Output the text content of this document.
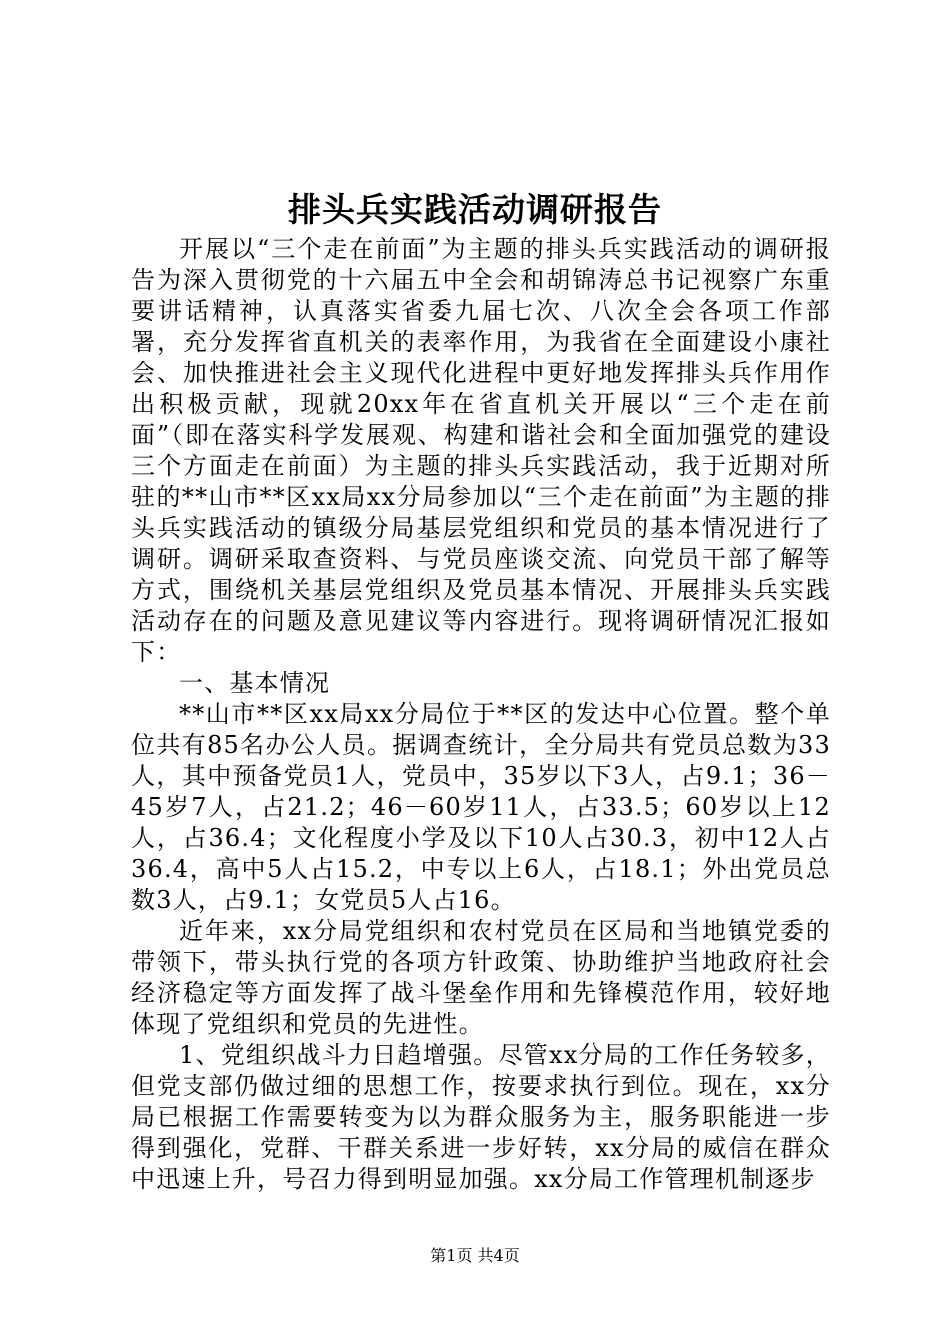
排头兵实践活动调研报告

开展以“三个走在前面”为主题的排头兵实践活动的调研报告为深入贯彻党的十六届五中全会和胡锦涛总书记视察广东重要讲话精神，认真落实省委九届七次、八次全会各项工作部署，充分发挥省直机关的表率作用，为我省在全面建设小康社会、加快推进社会主义现代化进程中更好地发挥排头兵作用作出积极贡献，现就20xx年在省直机关开展以“三个走在前面”（即在落实科学发展观、构建和谐社会和全面加强党的建设三个方面走在前面）为主题的排头兵实践活动，我于近期对所驻的**山市**区xx局xx分局参加以“三个走在前面”为主题的排头兵实践活动的镇级分局基层党组织和党员的基本情况进行了调研。调研采取查资料、与党员座谈交流、向党员干部了解等方式，围绕机关基层党组织及党员基本情况、开展排头兵实践活动存在的问题及意见建议等内容进行。现将调研情况汇报如下：

一、基本情况

**山市**区xx局xx分局位于**区的发达中心位置。整个单位共有85名办公人员。据调查统计，全分局共有党员总数为33人，其中预备党员1人，党员中，35岁以下3人，占9.1；36－45岁7人，占21.2；46－60岁11人，占33.5；60岁以上12人，占36.4；文化程度小学及以下10人占30.3，初中12人占36.4，高中5人占15.2，中专以上6人，占18.1；外出党员总数3人，占9.1；女党员5人占16。

近年来，xx分局党组织和农村党员在区局和当地镇党委的带领下，带头执行党的各项方针政策、协助维护当地政府社会经济稳定等方面发挥了战斗堡垒作用和先锋模范作用，较好地体现了党组织和党员的先进性。

1、党组织战斗力日趋增强。尽管xx分局的工作任务较多，但党支部仍做过细的思想工作，按要求执行到位。现在，xx分局已根据工作需要转变为以为群众服务为主，服务职能进一步得到强化，党群、干群关系进一步好转，xx分局的威信在群众中迅速上升，号召力得到明显加强。xx分局工作管理机制逐步

第1页 共4页
